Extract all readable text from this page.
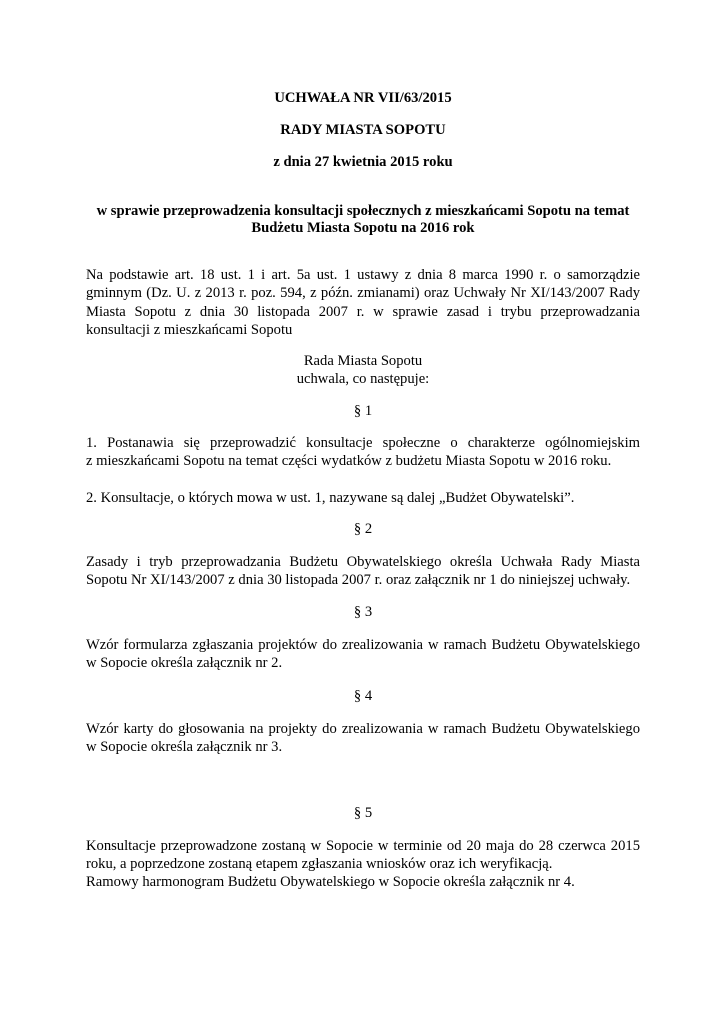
UCHWAŁA NR VII/63/2015
RADY MIASTA SOPOTU
z dnia 27 kwietnia 2015 roku
w sprawie przeprowadzenia konsultacji społecznych z mieszkańcami Sopotu na temat
Budżetu Miasta Sopotu na 2016 rok
Na podstawie art. 18 ust. 1 i art. 5a ust. 1 ustawy z dnia 8 marca 1990 r. o samorządzie
gminnym (Dz. U. z 2013 r. poz. 594, z późn. zmianami) oraz Uchwały Nr XI/143/2007 Rady
Miasta Sopotu z dnia 30 listopada 2007 r. w sprawie zasad i trybu przeprowadzania
konsultacji z mieszkańcami Sopotu
Rada Miasta Sopotu
uchwala, co następuje:
§ 1
1. Postanawia się przeprowadzić konsultacje społeczne o charakterze ogólnomiejskim
z mieszkańcami Sopotu na temat części wydatków z budżetu Miasta Sopotu w 2016 roku.
2. Konsultacje, o których mowa w ust. 1, nazywane są dalej „Budżet Obywatelski”.
§ 2
Zasady i tryb przeprowadzania Budżetu Obywatelskiego określa Uchwała Rady Miasta
Sopotu Nr XI/143/2007 z dnia 30 listopada 2007 r. oraz załącznik nr 1 do niniejszej uchwały.
§ 3
Wzór formularza zgłaszania projektów do zrealizowania w ramach Budżetu Obywatelskiego
w Sopocie określa załącznik nr 2.
§ 4
Wzór karty do głosowania na projekty do zrealizowania w ramach Budżetu Obywatelskiego
w Sopocie określa załącznik nr 3.
§ 5
Konsultacje przeprowadzone zostaną w Sopocie w terminie od 20 maja do 28 czerwca 2015
roku, a poprzedzone zostaną etapem zgłaszania wniosków oraz ich weryfikacją.
Ramowy harmonogram Budżetu Obywatelskiego w Sopocie określa załącznik nr 4.
